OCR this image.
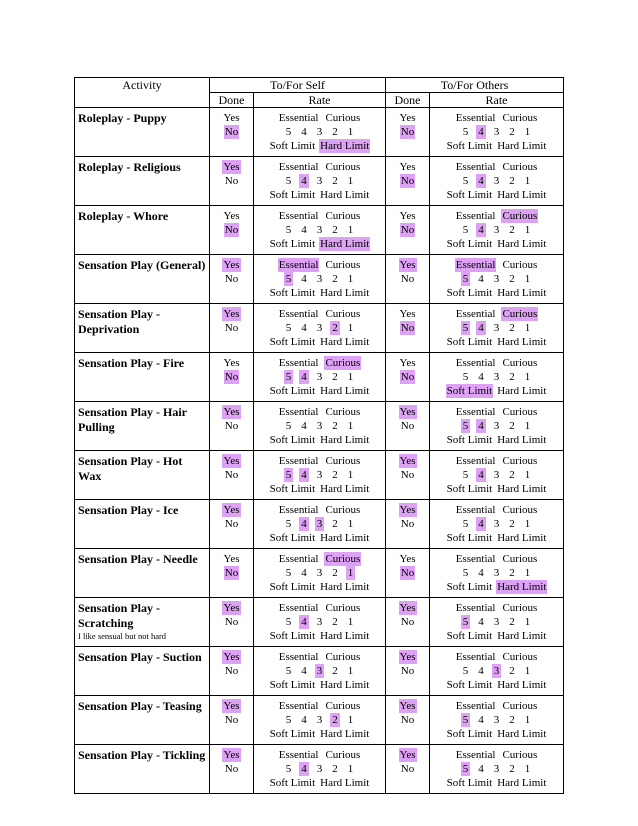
Activity	To/For Self		To/For Others	
	Done	Rate	Done	Rate
Roleplay - Puppy	Yes
No	Essential Curious
5 4 3 2 1
Soft Limit Hard Limit	Yes
No	Essential Curious
5 4 3 2 1
Soft Limit Hard Limit

Roleplay - Religious	Yes
No	Essential Curious
5 4 3 2 1
Soft Limit Hard Limit	Yes
No	Essential Curious
5 4 3 2 1
Soft Limit Hard Limit

Roleplay - Whore	Yes
No	Essential Curious
5 4 3 2 1
Soft Limit Hard Limit	Yes
No	Essential Curious
5 4 3 2 1
Soft Limit Hard Limit

Sensation Play (General)	Yes
No	Essential Curious
5 4 3 2 1
Soft Limit Hard Limit	Yes
No	Essential Curious
5 4 3 2 1
Soft Limit Hard Limit

Sensation Play - Deprivation	Yes
No	Essential Curious
5 4 3 2 1
Soft Limit Hard Limit	Yes
No	Essential Curious
5 4 3 2 1
Soft Limit Hard Limit

Sensation Play - Fire	Yes
No	Essential Curious
5 4 3 2 1
Soft Limit Hard Limit	Yes
No	Essential Curious
5 4 3 2 1
Soft Limit Hard Limit

Sensation Play - Hair Pulling	Yes
No	Essential Curious
5 4 3 2 1
Soft Limit Hard Limit	Yes
No	Essential Curious
5 4 3 2 1
Soft Limit Hard Limit

Sensation Play - Hot Wax	Yes
No	Essential Curious
5 4 3 2 1
Soft Limit Hard Limit	Yes
No	Essential Curious
5 4 3 2 1
Soft Limit Hard Limit

Sensation Play - Ice	Yes
No	Essential Curious
5 4 3 2 1
Soft Limit Hard Limit	Yes
No	Essential Curious
5 4 3 2 1
Soft Limit Hard Limit

Sensation Play - Needle	Yes
No	Essential Curious
5 4 3 2 1
Soft Limit Hard Limit	Yes
No	Essential Curious
5 4 3 2 1
Soft Limit Hard Limit

Sensation Play - Scratching
I like sensual but not hard	Yes
No	Essential Curious
5 4 3 2 1
Soft Limit Hard Limit	Yes
No	Essential Curious
5 4 3 2 1
Soft Limit Hard Limit

Sensation Play - Suction	Yes
No	Essential Curious
5 4 3 2 1
Soft Limit Hard Limit	Yes
No	Essential Curious
5 4 3 2 1
Soft Limit Hard Limit

Sensation Play - Teasing	Yes
No	Essential Curious
5 4 3 2 1
Soft Limit Hard Limit	Yes
No	Essential Curious
5 4 3 2 1
Soft Limit Hard Limit

Sensation Play - Tickling	Yes
No	Essential Curious
5 4 3 2 1
Soft Limit Hard Limit	Yes
No	Essential Curious
5 4 3 2 1
Soft Limit Hard Limit
